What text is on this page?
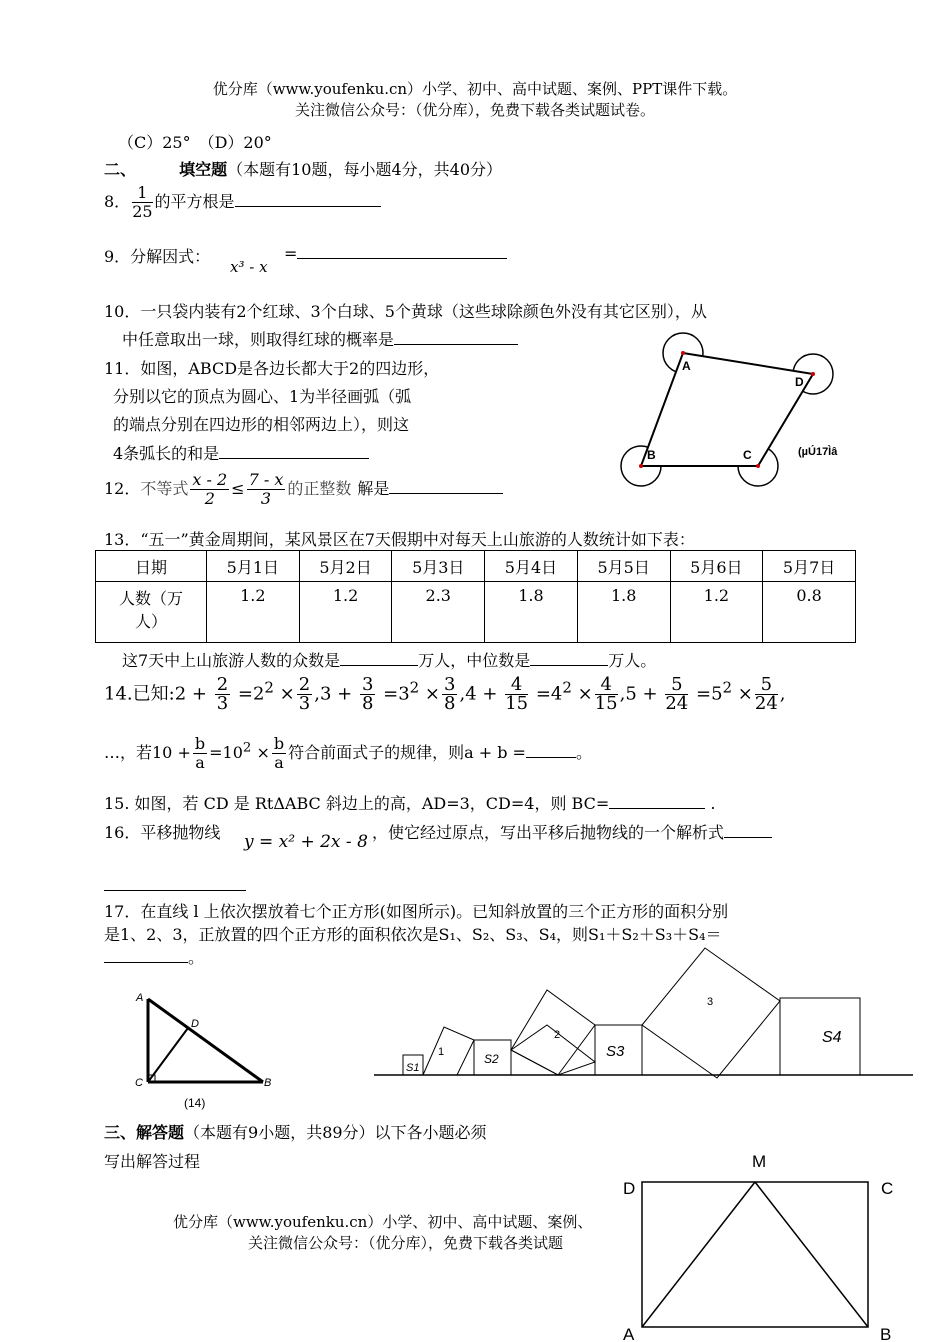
优分库（www.youfenku.cn）小学、初中、高中试题、案例、PPT课件下载。
关注微信公众号：（优分库），免费下载各类试题试卷。
（C）25°　（D）20°
二、	填空题（本题有10题，每小题4分，共40分）
8． $\frac{1}{25}$ 的平方根是
9．分解因式：
x³ - x
=
10．一只袋内装有2个红球、3个白球、5个黄球（这些球除颜色外没有其它区别），从
中任意取出一球，则取得红球的概率是
11．如图，ABCD是各边长都大于2的四边形，
分别以它的顶点为圆心、1为半径画弧（弧
的端点分别在四边形的相邻两边上），则这
4条弧长的和是
A
D
B	C	(µÚ17Ìâ
12．不等式 $\frac{x - 2}{2} \le \frac{7 - x}{3}$ 的正整数 解是
13．“五一”黄金周期间，某风景区在7天假期中对每天上山旅游的人数统计如下表：
日期	5月1日	5月2日	5月3日	5月4日	5月5日	5月6日	5月7日

人数（万
人）	1.2	1.2	2.3	1.8	1.8	1.2	0.8
这7天中上山旅游人数的众数是	万人，中位数是	万人。
14.已知:2 + $\frac{2}{3} =2^2 \times \frac{2}{3} ,3 + \frac{3}{8} =3^2 \times \frac{3}{8} ,4 + \frac{4}{15} =4^2 \times \frac{4}{15} ,5 + \frac{5}{24} =5^2 \times \frac{5}{24}$ ,
…，若$10 + \frac{b}{a} =10^2 \times \frac{b}{a}$ 符合前面式子的规律，则a + b =	。
15. 如图，若 CD 是 RtΔABC 斜边上的高，AD=3，CD=4，则 BC=	.
16．平移抛物线 y = x² + 2x - 8 ，使它经过原点，写出平移后抛物线的一个解析式
17．在直线 l 上依次摆放着七个正方形(如图所示)。已知斜放置的三个正方形的面积分别
是1、2、3，正放置的四个正方形的面积依次是S₁、S₂、S₃、S₄，则S₁＋S₂＋S₃＋S₄＝
。
A
D
C	B
(14)
S1
1	S2
2
S3
3
S4
三、解答题（本题有9小题，共89分）以下各小题必须
写出解答过程
优分库（www.youfenku.cn）小学、初中、高中试题、案例、
关注微信公众号：（优分库），免费下载各类试题
M
D	C
A	B
